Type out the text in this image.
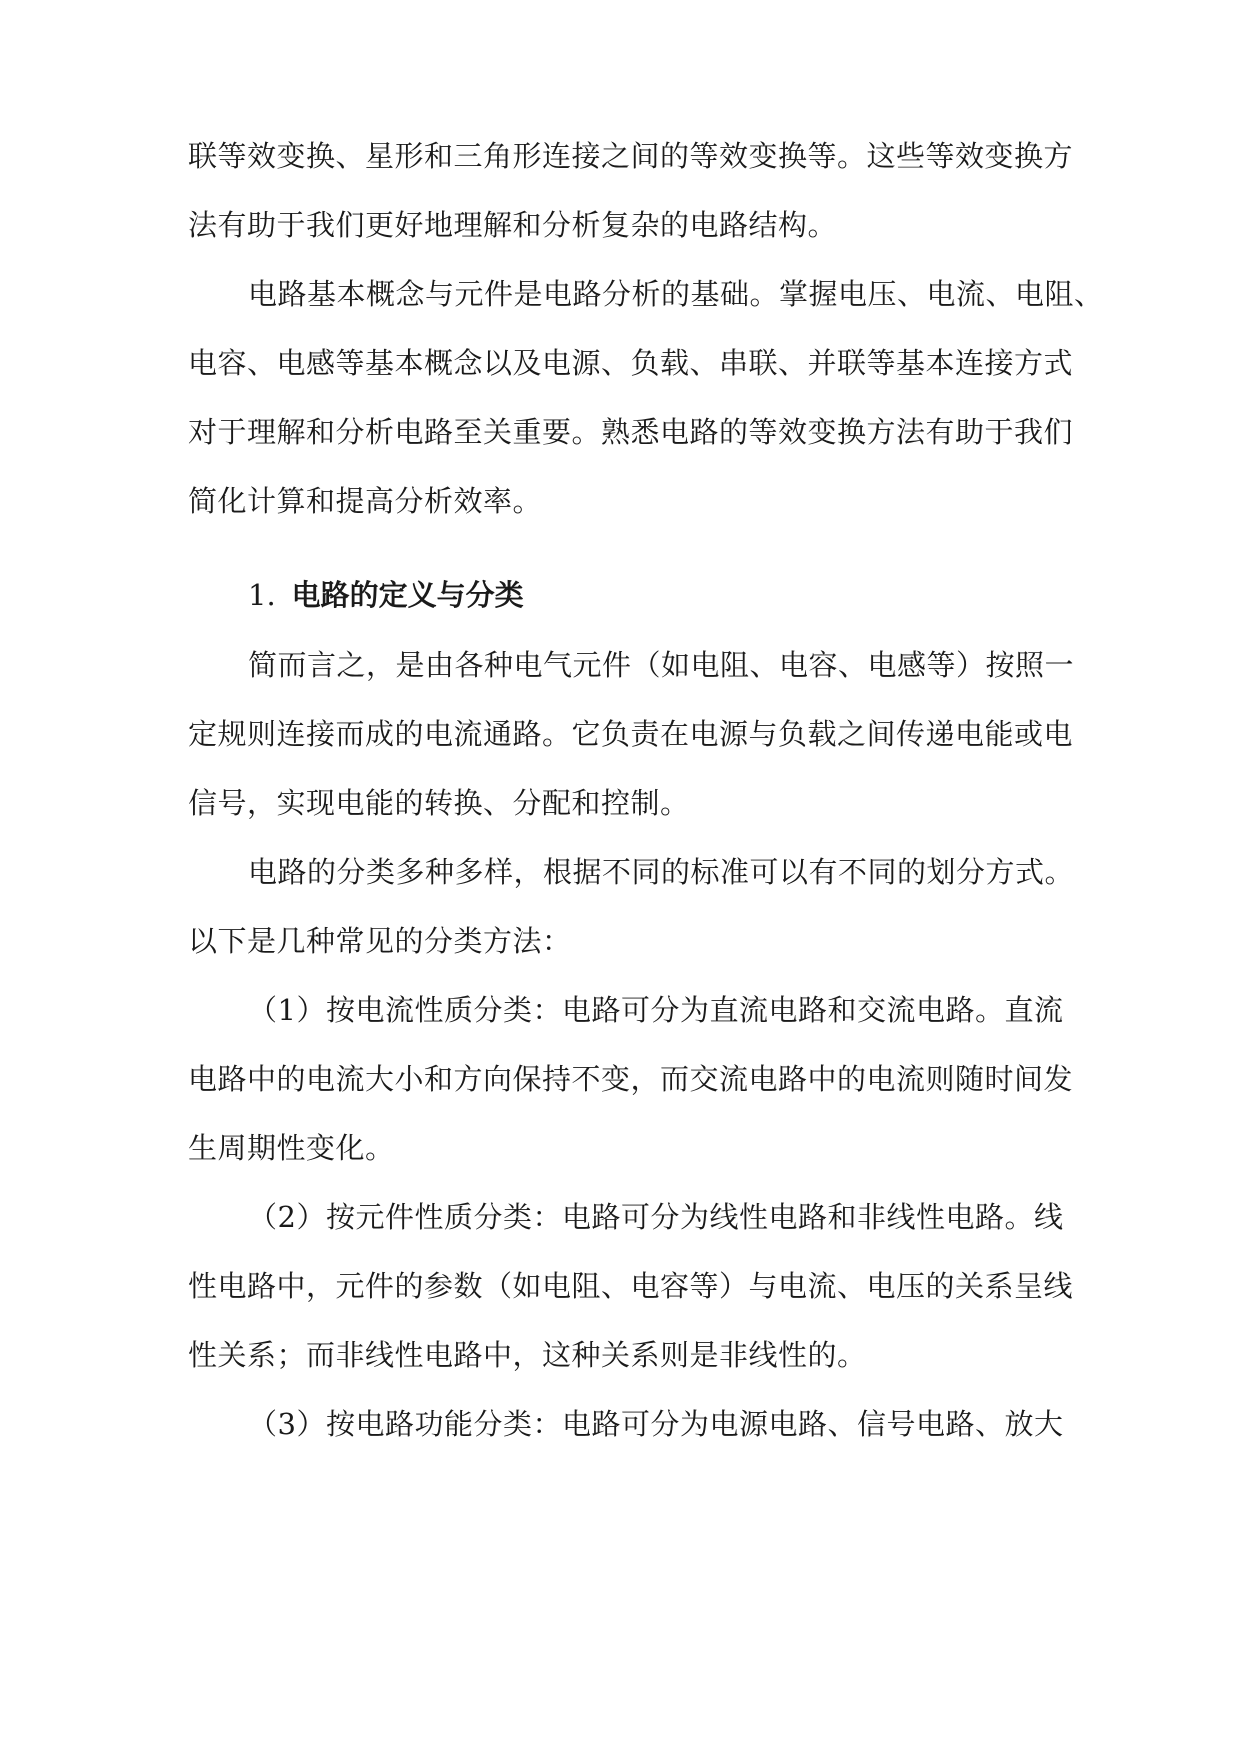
联等效变换、星形和三角形连接之间的等效变换等。这些等效变换方
法有助于我们更好地理解和分析复杂的电路结构。
电路基本概念与元件是电路分析的基础。掌握电压、电流、电阻、
电容、电感等基本概念以及电源、负载、串联、并联等基本连接方式
对于理解和分析电路至关重要。熟悉电路的等效变换方法有助于我们
简化计算和提高分析效率。
1. 电路的定义与分类
简而言之，是由各种电气元件（如电阻、电容、电感等）按照一
定规则连接而成的电流通路。它负责在电源与负载之间传递电能或电
信号，实现电能的转换、分配和控制。
电路的分类多种多样，根据不同的标准可以有不同的划分方式。
以下是几种常见的分类方法：
（1）按电流性质分类：电路可分为直流电路和交流电路。直流
电路中的电流大小和方向保持不变，而交流电路中的电流则随时间发
生周期性变化。
（2）按元件性质分类：电路可分为线性电路和非线性电路。线
性电路中，元件的参数（如电阻、电容等）与电流、电压的关系呈线
性关系；而非线性电路中，这种关系则是非线性的。
（3）按电路功能分类：电路可分为电源电路、信号电路、放大
